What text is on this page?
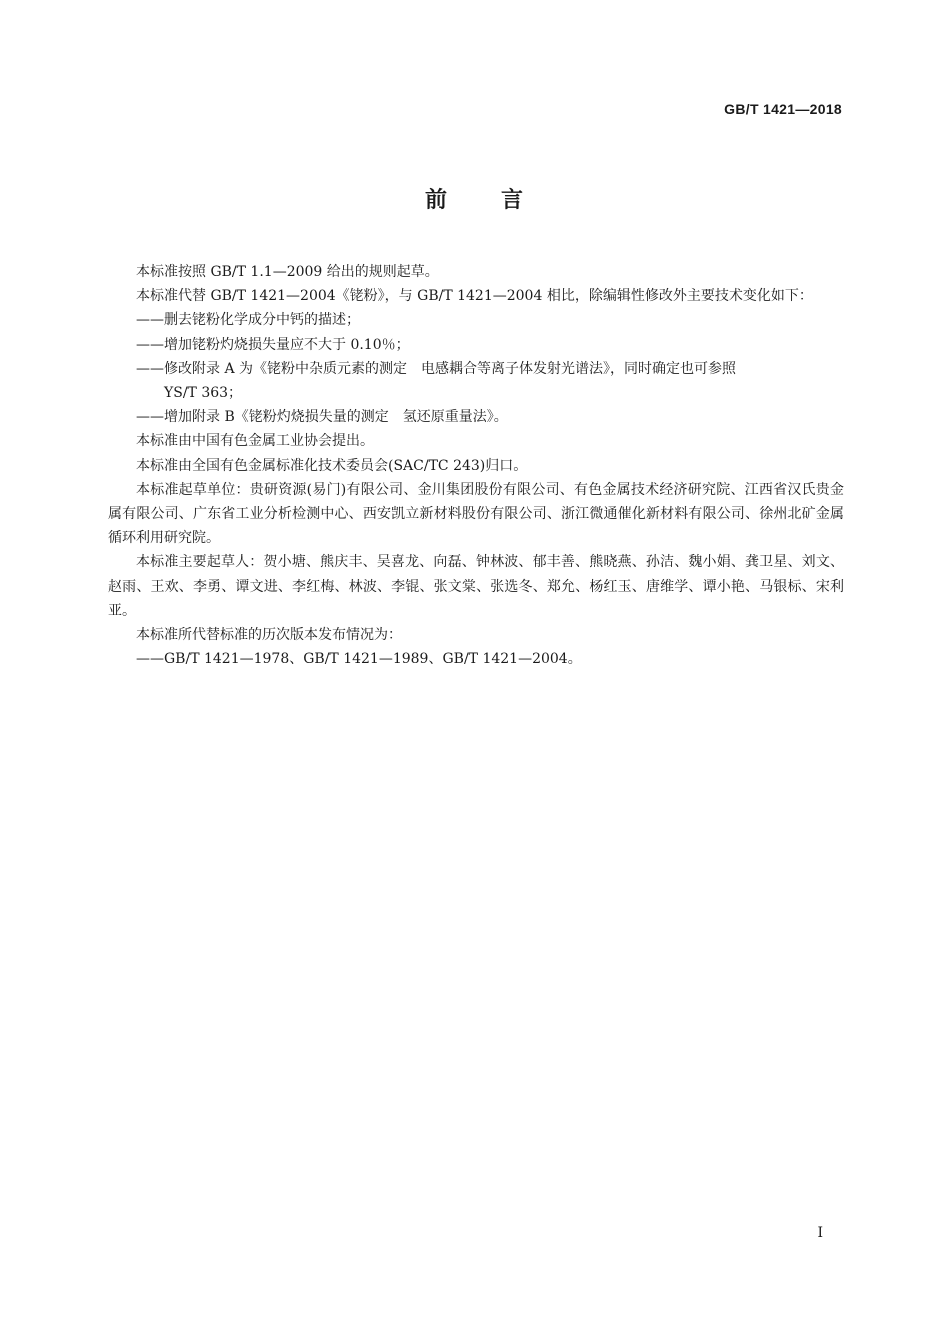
GB/T 1421—2018
前 言

本标准按照 GB/T 1.1—2009 给出的规则起草。

本标准代替 GB/T 1421—2004《铑粉》，与 GB/T 1421—2004 相比，除编辑性修改外主要技术变化如下：

——删去铑粉化学成分中钙的描述；

——增加铑粉灼烧损失量应不大于 0.10％；

——修改附录 A 为《铑粉中杂质元素的测定　电感耦合等离子体发射光谱法》，同时确定也可参照
YS/T 363；

——增加附录 B《铑粉灼烧损失量的测定　氢还原重量法》。

本标准由中国有色金属工业协会提出。

本标准由全国有色金属标准化技术委员会(SAC/TC 243)归口。

本标准起草单位：贵研资源(易门)有限公司、金川集团股份有限公司、有色金属技术经济研究院、江西省汉氏贵金属有限公司、广东省工业分析检测中心、西安凯立新材料股份有限公司、浙江微通催化新材料有限公司、徐州北矿金属循环利用研究院。

本标准主要起草人：贺小塘、熊庆丰、吴喜龙、向磊、钟林波、郁丰善、熊晓燕、孙洁、魏小娟、龚卫星、刘文、赵雨、王欢、李勇、谭文进、李红梅、林波、李锟、张文棠、张选冬、郑允、杨红玉、唐维学、谭小艳、马银标、宋利亚。

本标准所代替标准的历次版本发布情况为：

——GB/T 1421—1978、GB/T 1421—1989、GB/T 1421—2004。

I
